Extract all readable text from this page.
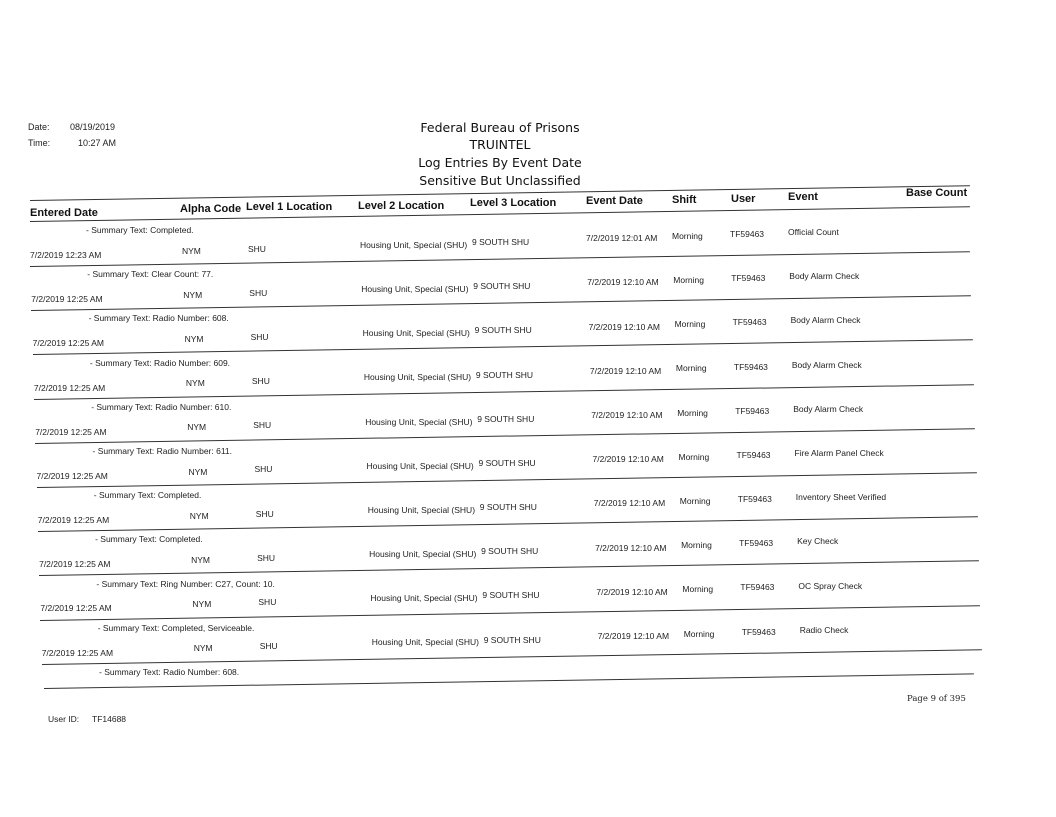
Date: 08/19/2019
Time:	10:27 AM
Federal Bureau of Prisons
TRUINTEL
Log Entries By Event Date
Sensitive But Unclassified
Entered Date	Alpha Code Level 1 Location Level 2 Location Level 3 Location	Event Date	Shift	User	Event	Base Count
- Summary Text: Completed.
7/2/2019 12:23 AM	NYM	SHU	Housing Unit, Special (SHU) 9 SOUTH SHU	7/2/2019 12:01 AM Morning	TF59463	Official Count
- Summary Text: Clear Count: 77.
7/2/2019 12:25 AM	NYM	SHU	Housing Unit, Special (SHU) 9 SOUTH SHU	7/2/2019 12:10 AM Morning	TF59463	Body Alarm Check
- Summary Text: Radio Number: 608.
7/2/2019 12:25 AM	NYM	SHU	Housing Unit, Special (SHU) 9 SOUTH SHU	7/2/2019 12:10 AM Morning	TF59463	Body Alarm Check
- Summary Text: Radio Number: 609.
7/2/2019 12:25 AM	NYM	SHU	Housing Unit, Special (SHU) 9 SOUTH SHU	7/2/2019 12:10 AM Morning	TF59463	Body Alarm Check
- Summary Text: Radio Number: 610.
7/2/2019 12:25 AM	NYM	SHU	Housing Unit, Special (SHU) 9 SOUTH SHU	7/2/2019 12:10 AM Morning	TF59463	Body Alarm Check
- Summary Text: Radio Number: 611.
7/2/2019 12:25 AM	NYM	SHU	Housing Unit, Special (SHU) 9 SOUTH SHU	7/2/2019 12:10 AM Morning	TF59463	Fire Alarm Panel Check
- Summary Text: Completed.
7/2/2019 12:25 AM	NYM	SHU	Housing Unit, Special (SHU) 9 SOUTH SHU	7/2/2019 12:10 AM Morning	TF59463	Inventory Sheet Verified
- Summary Text: Completed.
7/2/2019 12:25 AM	NYM	SHU	Housing Unit, Special (SHU) 9 SOUTH SHU	7/2/2019 12:10 AM Morning	TF59463	Key Check
- Summary Text: Ring Number: C27, Count: 10.
7/2/2019 12:25 AM	NYM	SHU	Housing Unit, Special (SHU) 9 SOUTH SHU	7/2/2019 12:10 AM Morning	TF59463	OC Spray Check
- Summary Text: Completed, Serviceable.
7/2/2019 12:25 AM	NYM	SHU	Housing Unit, Special (SHU) 9 SOUTH SHU	7/2/2019 12:10 AM Morning	TF59463	Radio Check
- Summary Text: Radio Number: 608.
Page 9 of 395
User ID: TF14688
